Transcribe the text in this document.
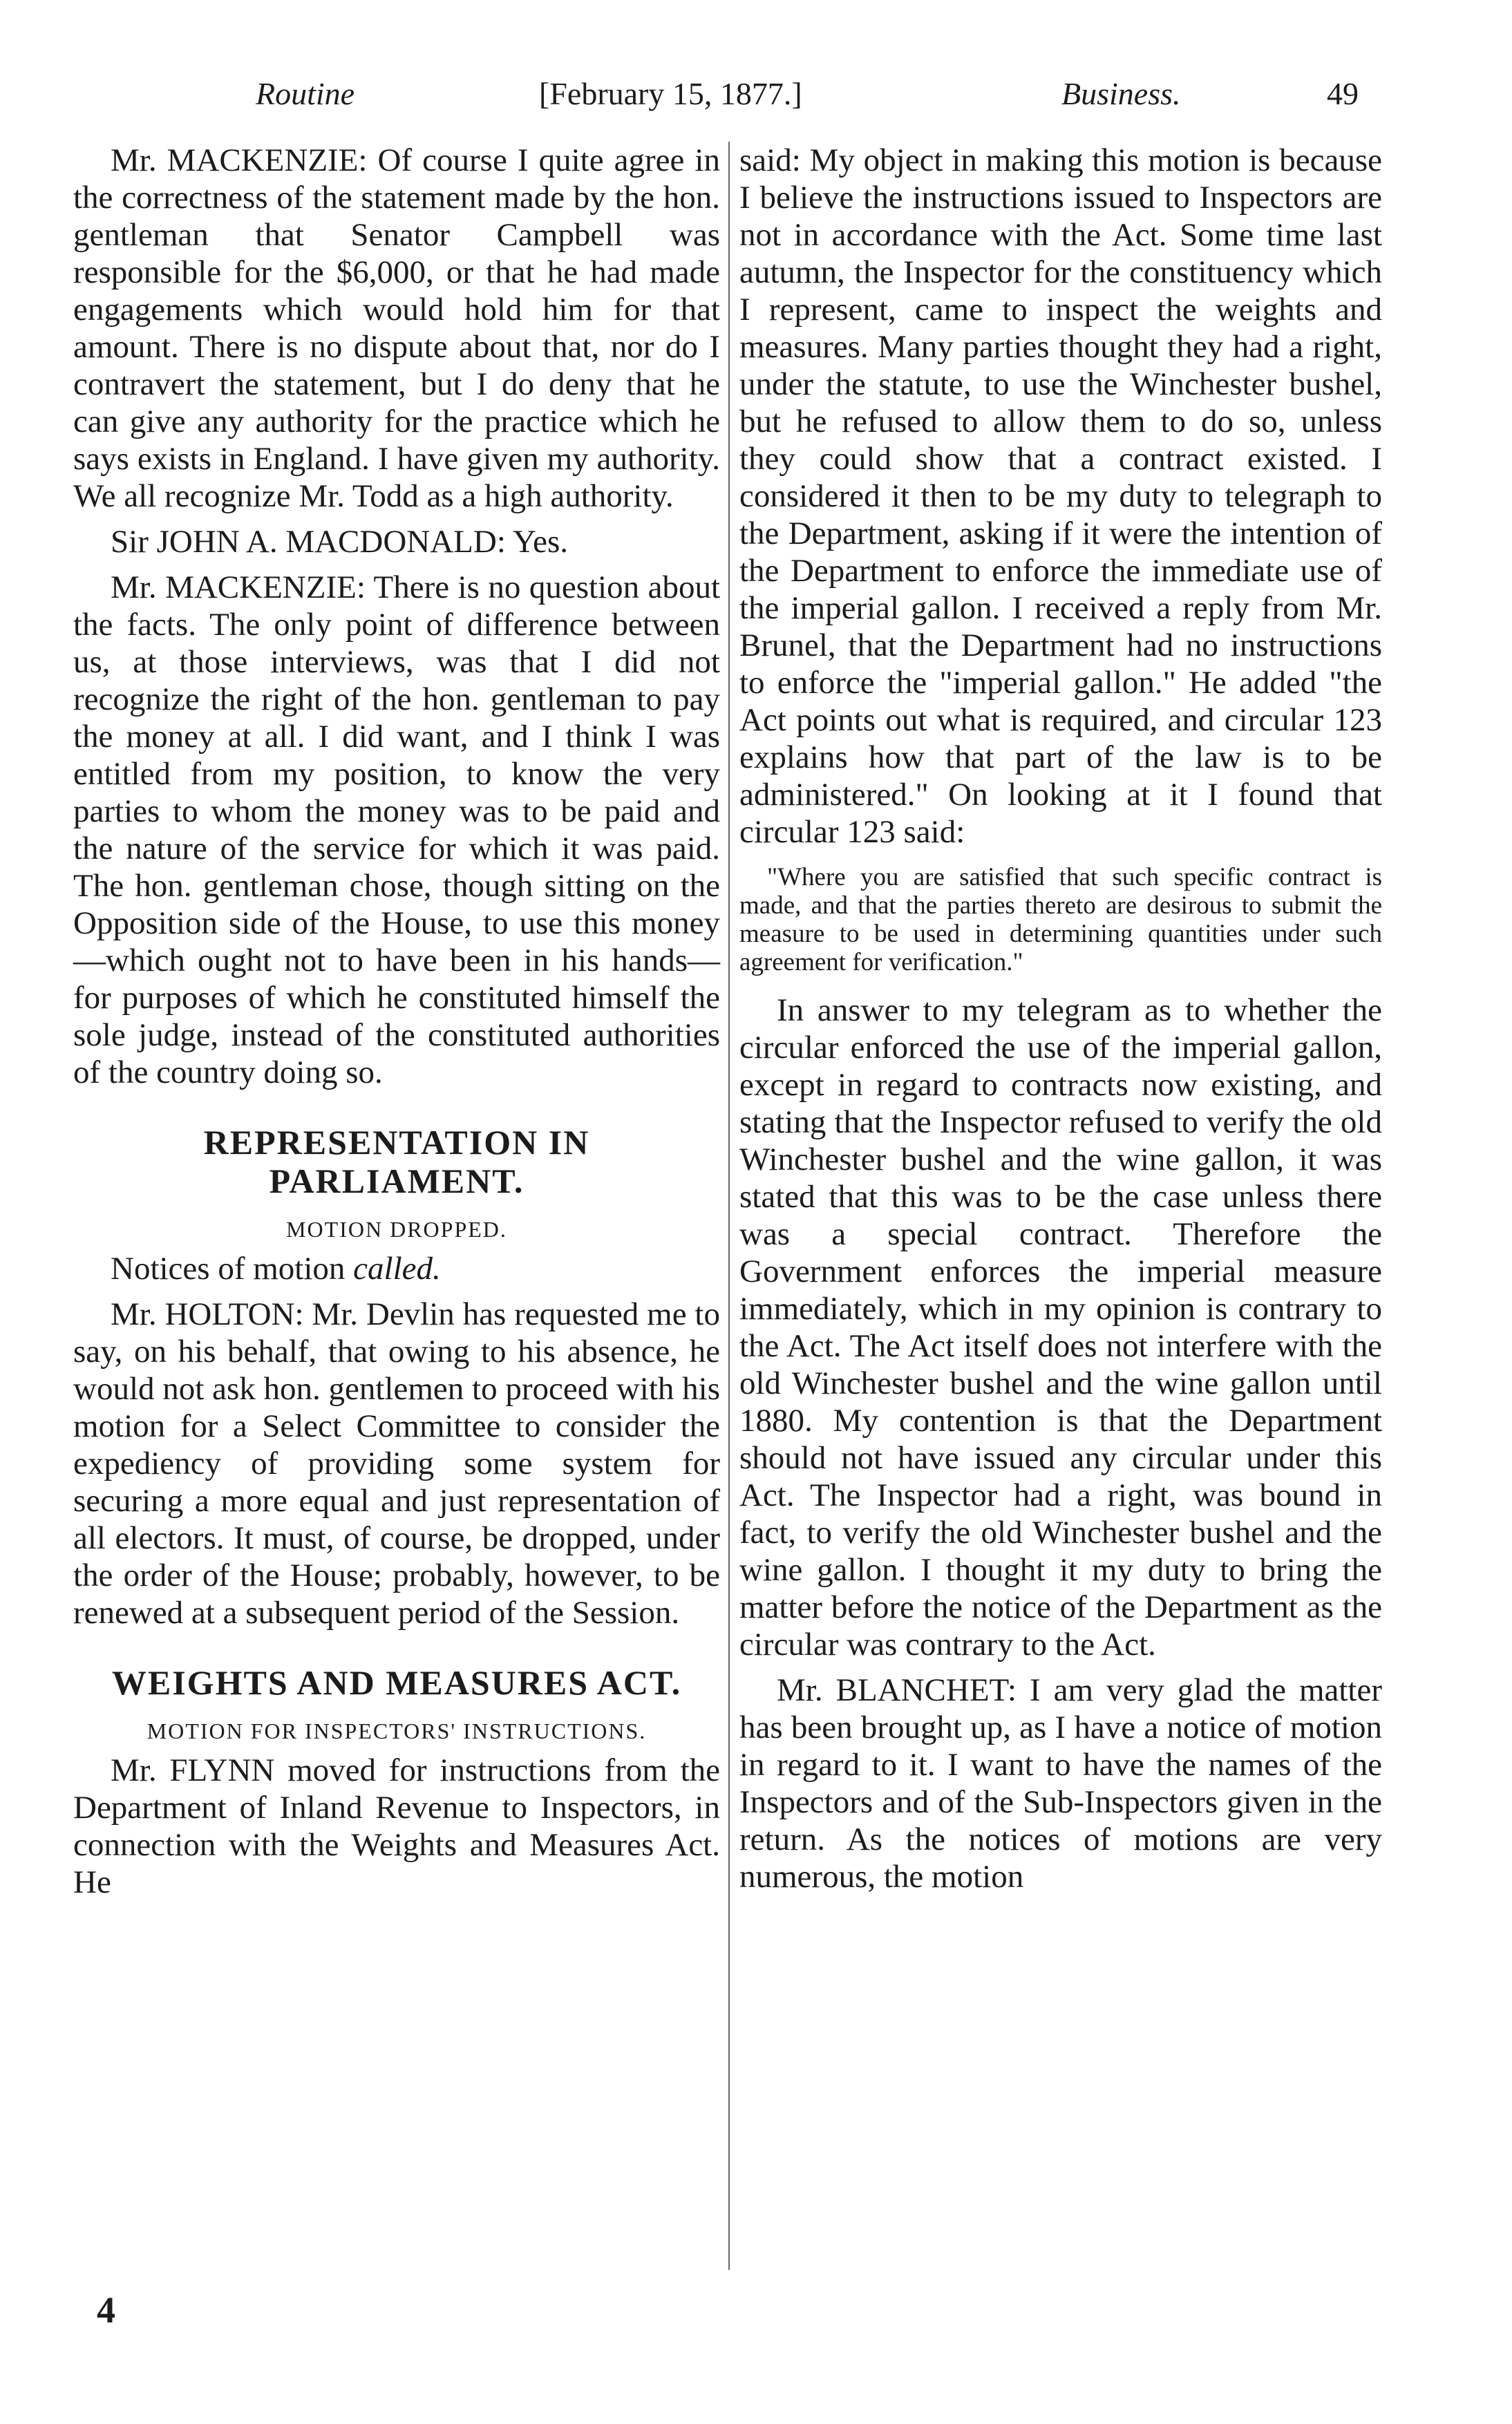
Routine	[February 15, 1877.]	Business.	49

Mr. MACKENZIE: Of course I quite agree in the correctness of the statement made by the hon. gentleman that Senator Campbell was responsible for the $6,000, or that he had made engagements which would hold him for that amount. There is no dispute about that, nor do I contravert the statement, but I do deny that he can give any authority for the practice which he says exists in England. I have given my authority. We all recognize Mr. Todd as a high authority.

Sir JOHN A. MACDONALD: Yes.

Mr. MACKENZIE: There is no question about the facts. The only point of difference between us, at those interviews, was that I did not recognize the right of the hon. gentleman to pay the money at all. I did want, and I think I was entitled from my position, to know the very parties to whom the money was to be paid and the nature of the service for which it was paid. The hon. gentleman chose, though sitting on the Opposition side of the House, to use this money—which ought not to have been in his hands—for purposes of which he constituted himself the sole judge, instead of the constituted authorities of the country doing so.

REPRESENTATION IN PARLIAMENT.
MOTION DROPPED.

Notices of motion called.

Mr. HOLTON: Mr. Devlin has requested me to say, on his behalf, that owing to his absence, he would not ask hon. gentlemen to proceed with his motion for a Select Committee to consider the expediency of providing some system for securing a more equal and just representation of all electors. It must, of course, be dropped, under the order of the House; probably, however, to be renewed at a subsequent period of the Session.

WEIGHTS AND MEASURES ACT.
MOTION FOR INSPECTORS' INSTRUCTIONS.

Mr. FLYNN moved for instructions from the Department of Inland Revenue to Inspectors, in connection with the Weights and Measures Act. He

said: My object in making this motion is because I believe the instructions issued to Inspectors are not in accordance with the Act. Some time last autumn, the Inspector for the constituency which I represent, came to inspect the weights and measures. Many parties thought they had a right, under the statute, to use the Winchester bushel, but he refused to allow them to do so, unless they could show that a contract existed. I considered it then to be my duty to telegraph to the Department, asking if it were the intention of the Department to enforce the immediate use of the imperial gallon. I received a reply from Mr. Brunel, that the Department had no instructions to enforce the "imperial gallon." He added "the Act points out what is required, and circular 123 explains how that part of the law is to be administered." On looking at it I found that circular 123 said:

"Where you are satisfied that such specific contract is made, and that the parties thereto are desirous to submit the measure to be used in determining quantities under such agreement for verification."

In answer to my telegram as to whether the circular enforced the use of the imperial gallon, except in regard to contracts now existing, and stating that the Inspector refused to verify the old Winchester bushel and the wine gallon, it was stated that this was to be the case unless there was a special contract. Therefore the Government enforces the imperial measure immediately, which in my opinion is contrary to the Act. The Act itself does not interfere with the old Winchester bushel and the wine gallon until 1880. My contention is that the Department should not have issued any circular under this Act. The Inspector had a right, was bound in fact, to verify the old Winchester bushel and the wine gallon. I thought it my duty to bring the matter before the notice of the Department as the circular was contrary to the Act.

Mr. BLANCHET: I am very glad the matter has been brought up, as I have a notice of motion in regard to it. I want to have the names of the Inspectors and of the Sub-Inspectors given in the return. As the notices of motions are very numerous, the motion

4
